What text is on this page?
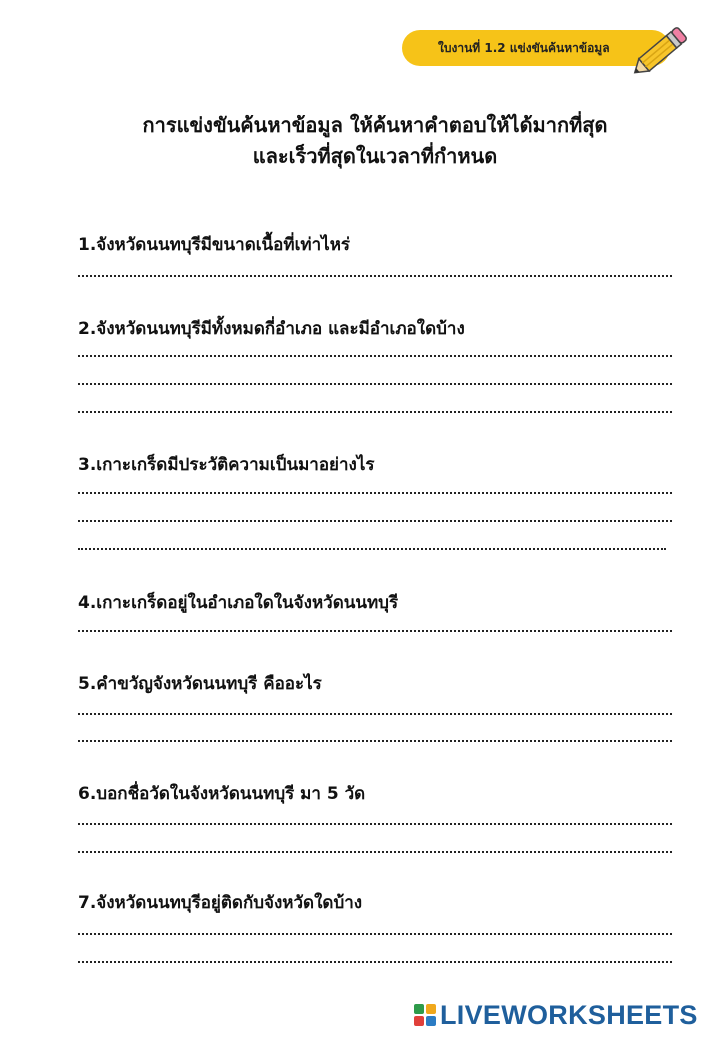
ใบงานที่ 1.2 แข่งขันค้นหาข้อมูล
การแข่งขันค้นหาข้อมูล ให้ค้นหาคำตอบให้ได้มากที่สุด
และเร็วที่สุดในเวลาที่กำหนด
1.จังหวัดนนทบุรีมีขนาดเนื้อที่เท่าไหร่
2.จังหวัดนนทบุรีมีทั้งหมดกี่อำเภอ และมีอำเภอใดบ้าง
3.เกาะเกร็ดมีประวัติความเป็นมาอย่างไร
4.เกาะเกร็ดอยู่ในอำเภอใดในจังหวัดนนทบุรี
5.คำขวัญจังหวัดนนทบุรี คืออะไร
6.บอกชื่อวัดในจังหวัดนนทบุรี มา 5 วัด
7.จังหวัดนนทบุรีอยู่ติดกับจังหวัดใดบ้าง
LIVEWORKSHEETS
